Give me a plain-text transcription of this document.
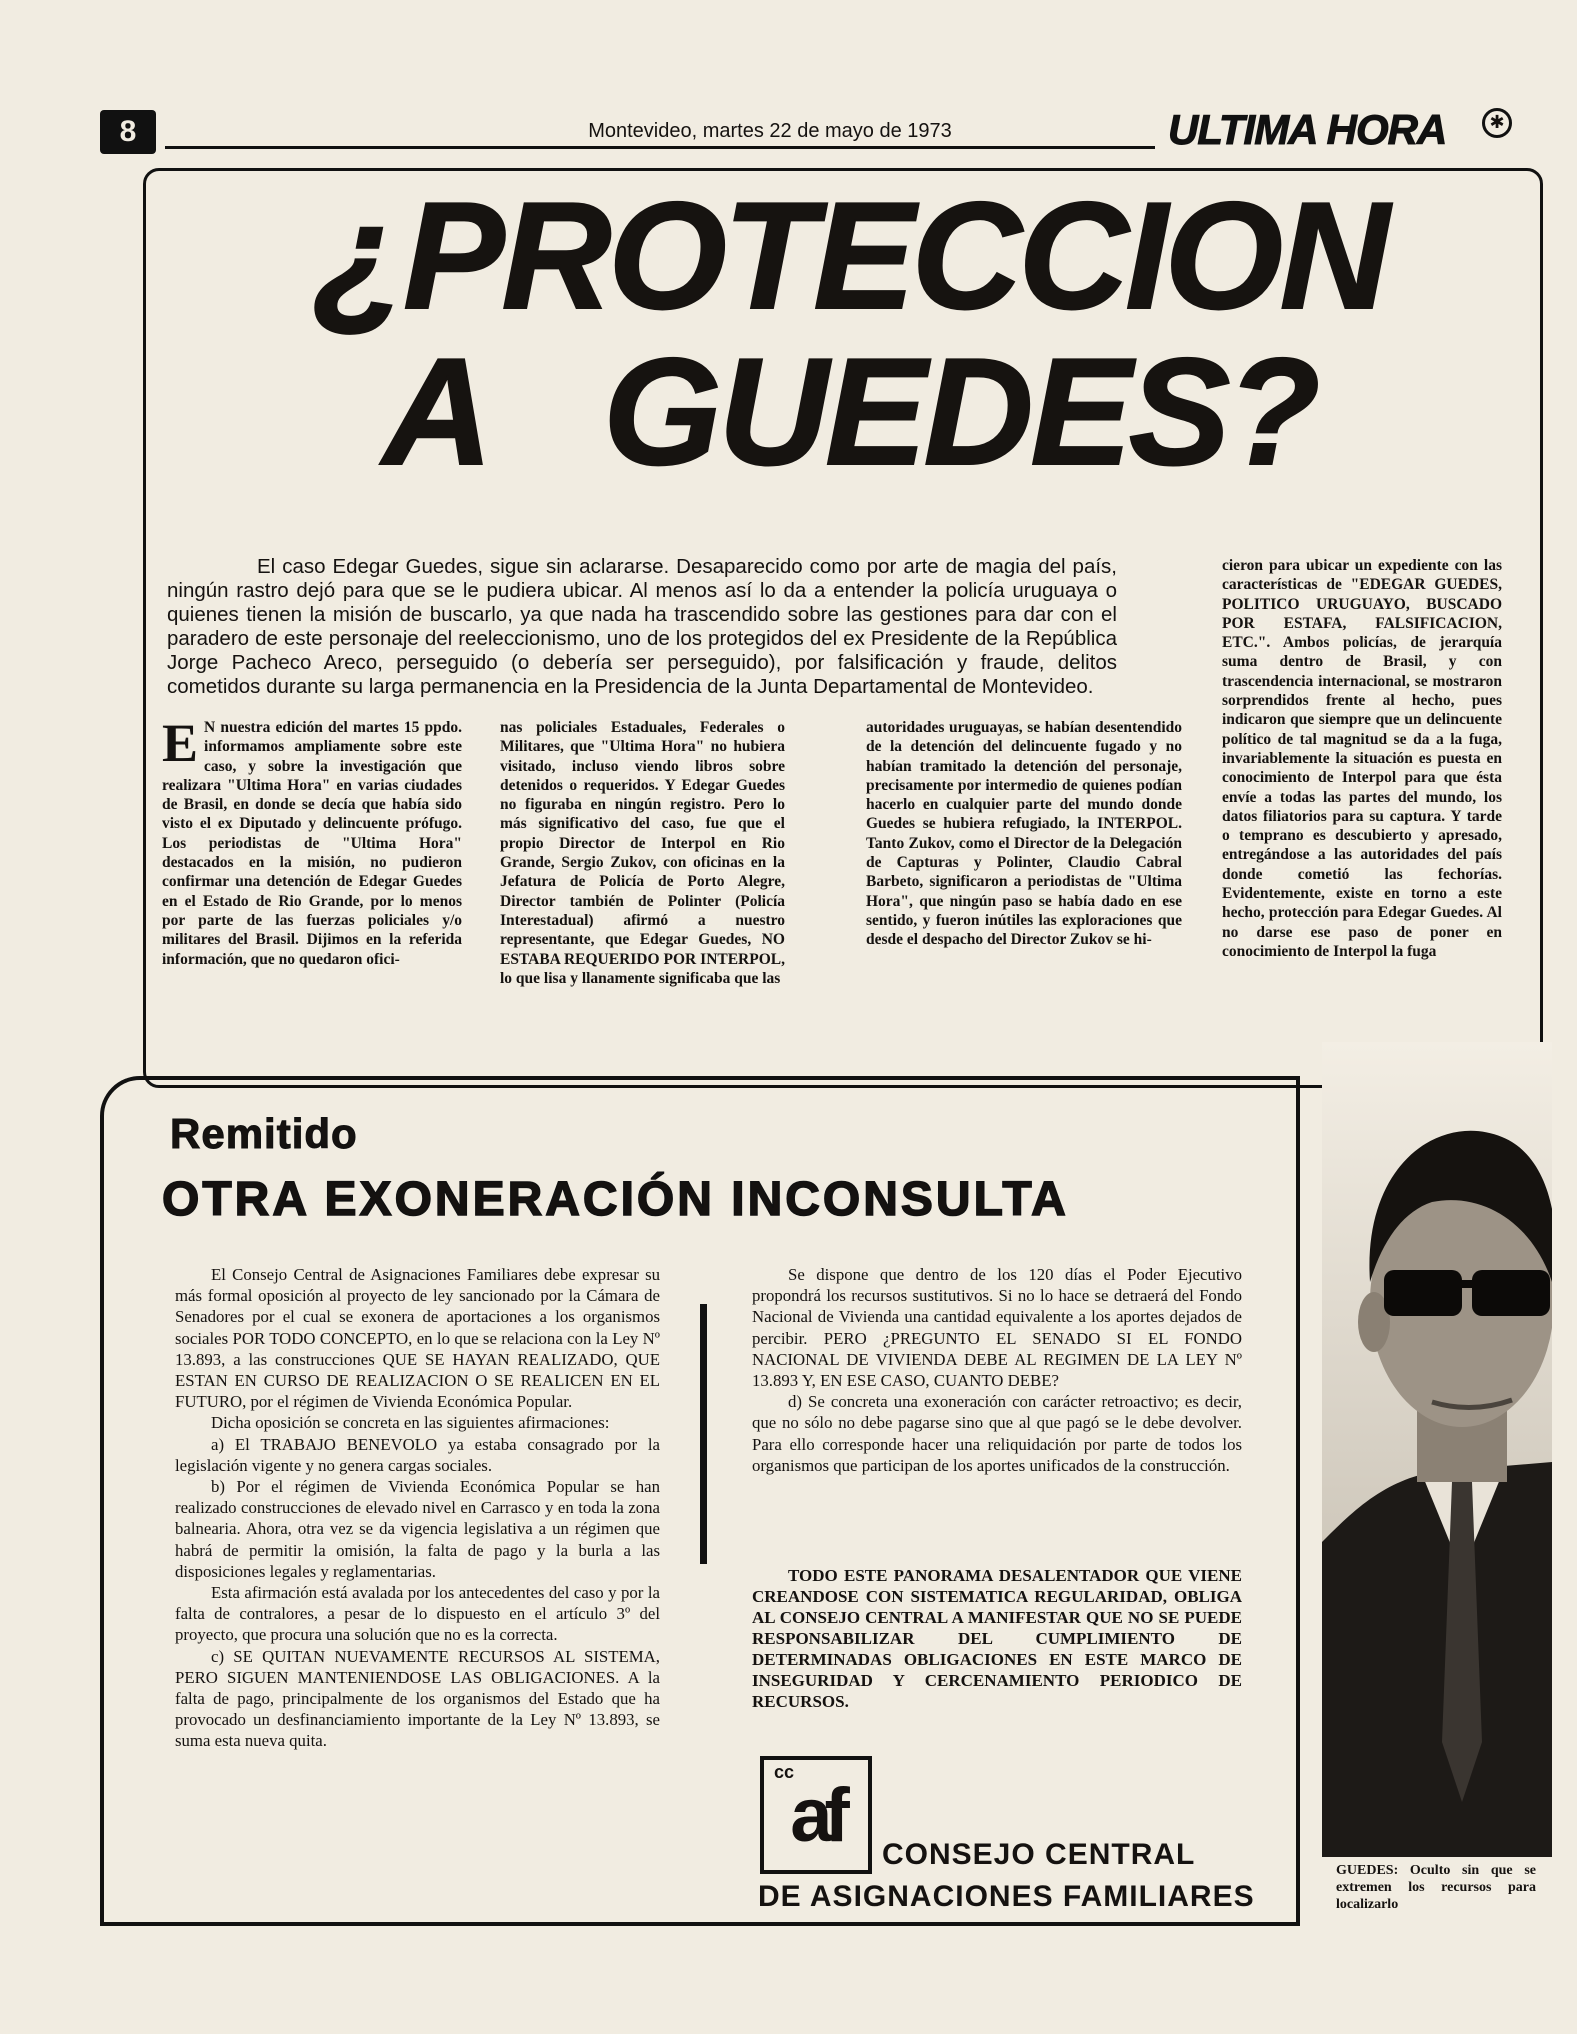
8	Montevideo, martes 22 de mayo de 1973	ULTIMA HORA	✱
¿PROTECCION
A GUEDES?
El caso Edegar Guedes, sigue sin aclararse. Desaparecido como por arte de magia del país, ningún rastro dejó para que se le pudiera ubicar. Al menos así lo da a entender la policía uruguaya o quienes tienen la misión de buscarlo, ya que nada ha trascendido sobre las gestiones para dar con el paradero de este personaje del reeleccionismo, uno de los protegidos del ex Presidente de la República Jorge Pacheco Areco, perseguido (o debería ser perseguido), por falsificación y fraude, delitos cometidos durante su larga permanencia en la Presidencia de la Junta Departamental de Montevideo.
E N nuestra edición del martes 15 ppdo. informamos ampliamente sobre este caso, y sobre la investigación que realizara "Ultima Hora" en varias ciudades de Brasil, en donde se decía que había sido visto el ex Diputado y delincuente prófugo. Los periodistas de "Ultima Hora" destacados en la misión, no pudieron confirmar una detención de Edegar Guedes en el Estado de Rio Grande, por lo menos por parte de las fuerzas policiales y/o militares del Brasil. Dijimos en la referida información, que no quedaron ofici-
nas policiales Estaduales, Federales o Militares, que "Ultima Hora" no hubiera visitado, incluso viendo libros sobre detenidos o requeridos. Y Edegar Guedes no figuraba en ningún registro. Pero lo más significativo del caso, fue que el propio Director de Interpol en Rio Grande, Sergio Zukov, con oficinas en la Jefatura de Policía de Porto Alegre, Director también de Polinter (Policía Interestadual) afirmó a nuestro representante, que Edegar Guedes, NO ESTABA REQUERIDO POR INTERPOL, lo que lisa y llanamente significaba que las
autoridades uruguayas, se habían desentendido de la detención del delincuente fugado y no habían tramitado la detención del personaje, precisamente por intermedio de quienes podían hacerlo en cualquier parte del mundo donde Guedes se hubiera refugiado, la INTERPOL. Tanto Zukov, como el Director de la Delegación de Capturas y Polinter, Claudio Cabral Barbeto, significaron a periodistas de "Ultima Hora", que ningún paso se había dado en ese sentido, y fueron inútiles las exploraciones que desde el despacho del Director Zukov se hi-
cieron para ubicar un expediente con las características de "EDEGAR GUEDES, POLITICO URUGUAYO, BUSCADO POR ESTAFA, FALSIFICACION, ETC.". Ambos policías, de jerarquía suma dentro de Brasil, y con trascendencia internacional, se mostraron sorprendidos frente al hecho, pues indicaron que siempre que un delincuente político de tal magnitud se da a la fuga, invariablemente la situación es puesta en conocimiento de Interpol para que ésta envíe a todas las partes del mundo, los datos filiatorios para su captura. Y tarde o temprano es descubierto y apresado, entregándose a las autoridades del país donde cometió las fechorías. Evidentemente, existe en torno a este hecho, protección para Edegar Guedes. Al no darse ese paso de poner en conocimiento de Interpol la fuga
Remitido
OTRA EXONERACIÓN INCONSULTA

El Consejo Central de Asignaciones Familiares debe expresar su más formal oposición al proyecto de ley sancionado por la Cámara de Senadores por el cual se exonera de aportaciones a los organismos sociales POR TODO CONCEPTO, en lo que se relaciona con la Ley Nº 13.893, a las construcciones QUE SE HAYAN REALIZADO, QUE ESTAN EN CURSO DE REALIZACION O SE REALICEN EN EL FUTURO, por el régimen de Vivienda Económica Popular.

Dicha oposición se concreta en las siguientes afirmaciones:

a) El TRABAJO BENEVOLO ya estaba consagrado por la legislación vigente y no genera cargas sociales.

b) Por el régimen de Vivienda Económica Popular se han realizado construcciones de elevado nivel en Carrasco y en toda la zona balnearia. Ahora, otra vez se da vigencia legislativa a un régimen que habrá de permitir la omisión, la falta de pago y la burla a las disposiciones legales y reglamentarias.

Esta afirmación está avalada por los antecedentes del caso y por la falta de contralores, a pesar de lo dispuesto en el artículo 3º del proyecto, que procura una solución que no es la correcta.

c) SE QUITAN NUEVAMENTE RECURSOS AL SISTEMA, PERO SIGUEN MANTENIENDOSE LAS OBLIGACIONES. A la falta de pago, principalmente de los organismos del Estado que ha provocado un desfinanciamiento importante de la Ley Nº 13.893, se suma esta nueva quita.

Se dispone que dentro de los 120 días el Poder Ejecutivo propondrá los recursos sustitutivos. Si no lo hace se detraerá del Fondo Nacional de Vivienda una cantidad equivalente a los aportes dejados de percibir. PERO ¿PREGUNTO EL SENADO SI EL FONDO NACIONAL DE VIVIENDA DEBE AL REGIMEN DE LA LEY Nº 13.893 Y, EN ESE CASO, CUANTO DEBE?

d) Se concreta una exoneración con carácter retroactivo; es decir, que no sólo no debe pagarse sino que al que pagó se le debe devolver. Para ello corresponde hacer una reliquidación por parte de todos los organismos que participan de los aportes unificados de la construcción.

TODO ESTE PANORAMA DESALENTADOR QUE VIENE CREANDOSE CON SISTEMATICA REGULARIDAD, OBLIGA AL CONSEJO CENTRAL A MANIFESTAR QUE NO SE PUEDE RESPONSABILIZAR DEL CUMPLIMIENTO DE DETERMINADAS OBLIGACIONES EN ESTE MARCO DE INSEGURIDAD Y CERCENAMIENTO PERIODICO DE RECURSOS.
cc
af	CONSEJO CENTRAL
DE ASIGNACIONES FAMILIARES
GUEDES: Oculto sin que se extremen los recursos para localizarlo
